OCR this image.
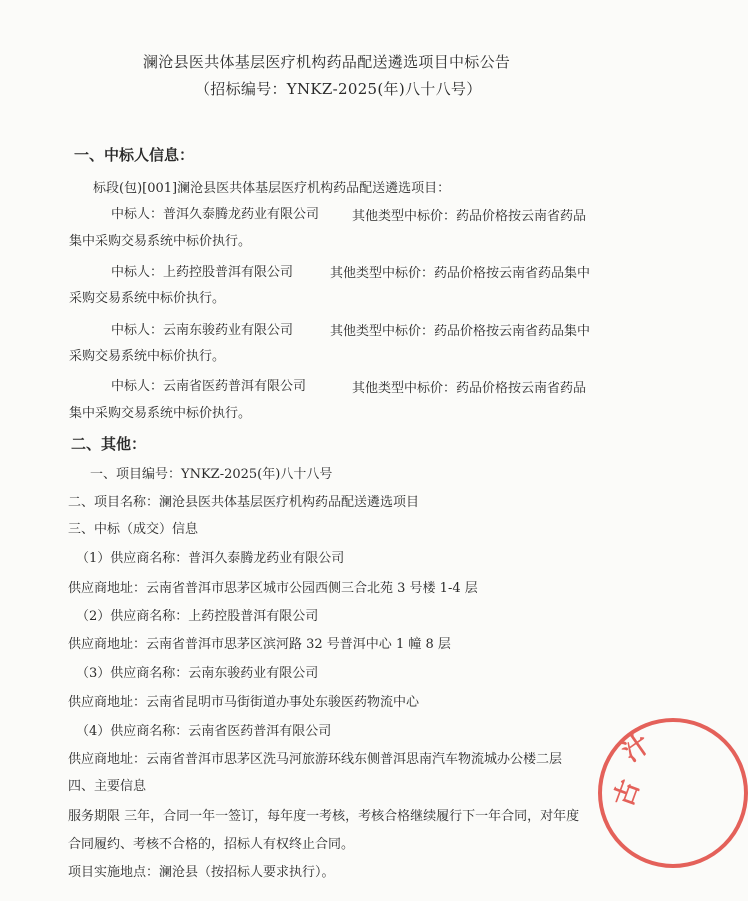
澜沧县医共体基层医疗机构药品配送遴选项目中标公告

（招标编号：YNKZ-2025(年)八十八号）

一、中标人信息：

标段(包)[001]澜沧县医共体基层医疗机构药品配送遴选项目：

中标人：普洱久泰腾龙药业有限公司	其他类型中标价：药品价格按云南省药品

集中采购交易系统中标价执行。

中标人：上药控股普洱有限公司	其他类型中标价：药品价格按云南省药品集中

采购交易系统中标价执行。

中标人：云南东骏药业有限公司	其他类型中标价：药品价格按云南省药品集中

采购交易系统中标价执行。

中标人：云南省医药普洱有限公司	其他类型中标价：药品价格按云南省药品

集中采购交易系统中标价执行。

二、其他：

一、项目编号：YNKZ-2025(年)八十八号

二、项目名称：澜沧县医共体基层医疗机构药品配送遴选项目

三、中标（成交）信息

（1）供应商名称：普洱久泰腾龙药业有限公司

供应商地址：云南省普洱市思茅区城市公园西侧三合北苑 3 号楼 1-4 层

（2）供应商名称：上药控股普洱有限公司

供应商地址：云南省普洱市思茅区滨河路 32 号普洱中心 1 幢 8 层

（3）供应商名称：云南东骏药业有限公司

供应商地址：云南省昆明市马街街道办事处东骏医药物流中心

（4）供应商名称：云南省医药普洱有限公司

供应商地址：云南省普洱市思茅区洗马河旅游环线东侧普洱思南汽车物流城办公楼二层

四、主要信息

服务期限 三年，合同一年一签订，每年度一考核，考核合格继续履行下一年合同，对年度

合同履约、考核不合格的，招标人有权终止合同。

项目实施地点：澜沧县（按招标人要求执行）。

汁
古
